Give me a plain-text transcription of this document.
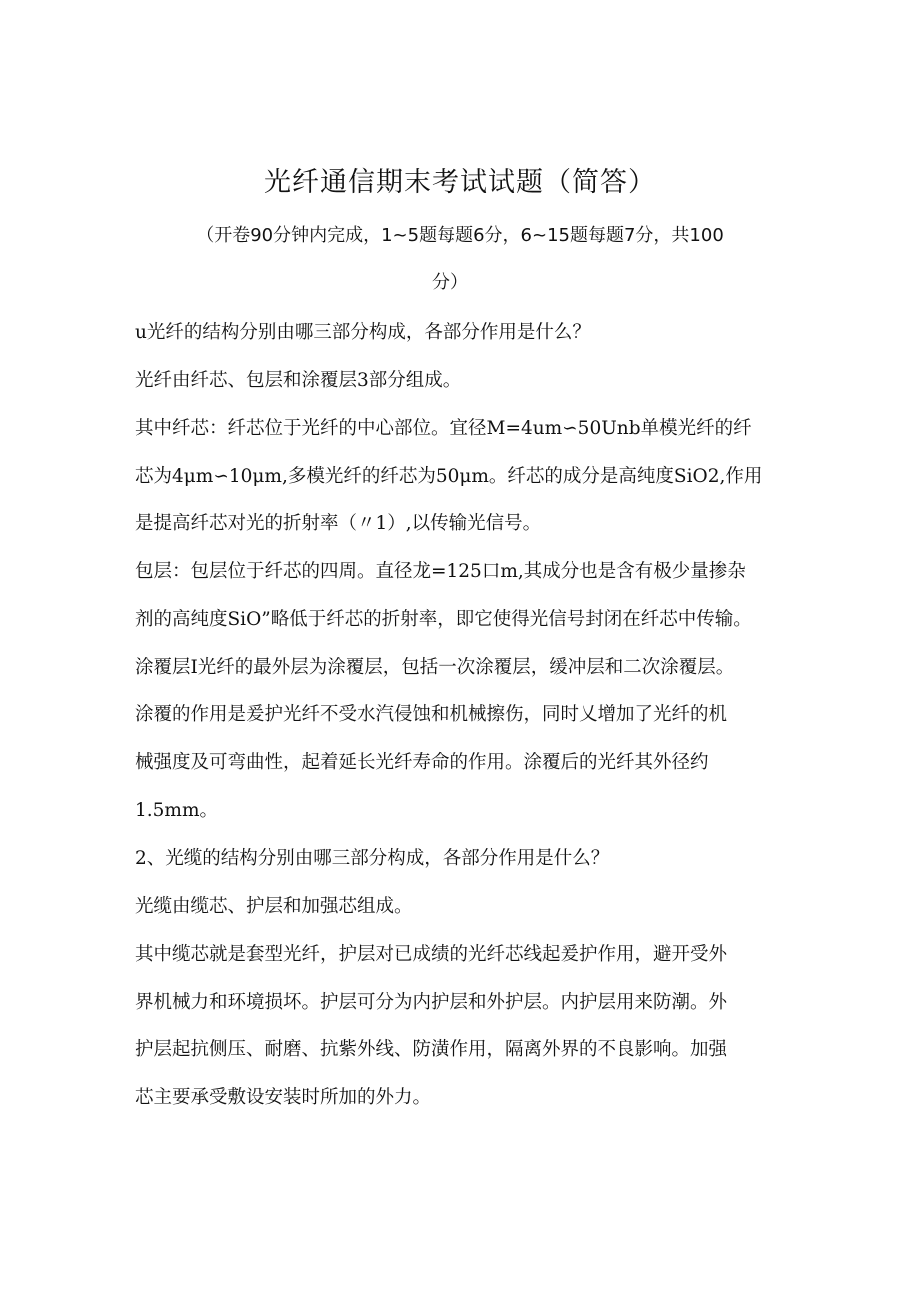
光纤通信期末考试试题（简答）
（开卷90分钟内完成，1~5题每题6分，6~15题每题7分，共100
分）
u光纤的结构分别由哪三部分构成，各部分作用是什么？
光纤由纤芯、包层和涂覆层3部分组成。
其中纤芯：纤芯位于光纤的中心部位。宜径M=4um∽50Unb单模光纤的纤
芯为4μm∽10μm,多模光纤的纤芯为50μm。纤芯的成分是高纯度SiO2,作用
是提高纤芯对光的折射率（〃1）,以传输光信号。
包层：包层位于纤芯的四周。直径龙=125口m,其成分也是含有极少量掺杂
剂的高纯度SiO”略低于纤芯的折射率，即它使得光信号封闭在纤芯中传输。
涂覆层I光纤的最外层为涂覆层，包括一次涂覆层，缓冲层和二次涂覆层。
涂覆的作用是爰护光纤不受水汽侵蚀和机械擦伤，同时乂增加了光纤的机
械强度及可弯曲性，起着延长光纤寿命的作用。涂覆后的光纤其外径约
1.5mm。
2、光缆的结构分别由哪三部分构成，各部分作用是什么？
光缆由缆芯、护层和加强芯组成。
其中缆芯就是套型光纤，护层对已成绩的光纤芯线起爰护作用，避开受外
界机械力和环境损坏。护层可分为内护层和外护层。内护层用来防潮。外
护层起抗侧压、耐磨、抗紫外线、防潢作用，隔离外界的不良影响。加强
芯主要承受敷设安装时所加的外力。
